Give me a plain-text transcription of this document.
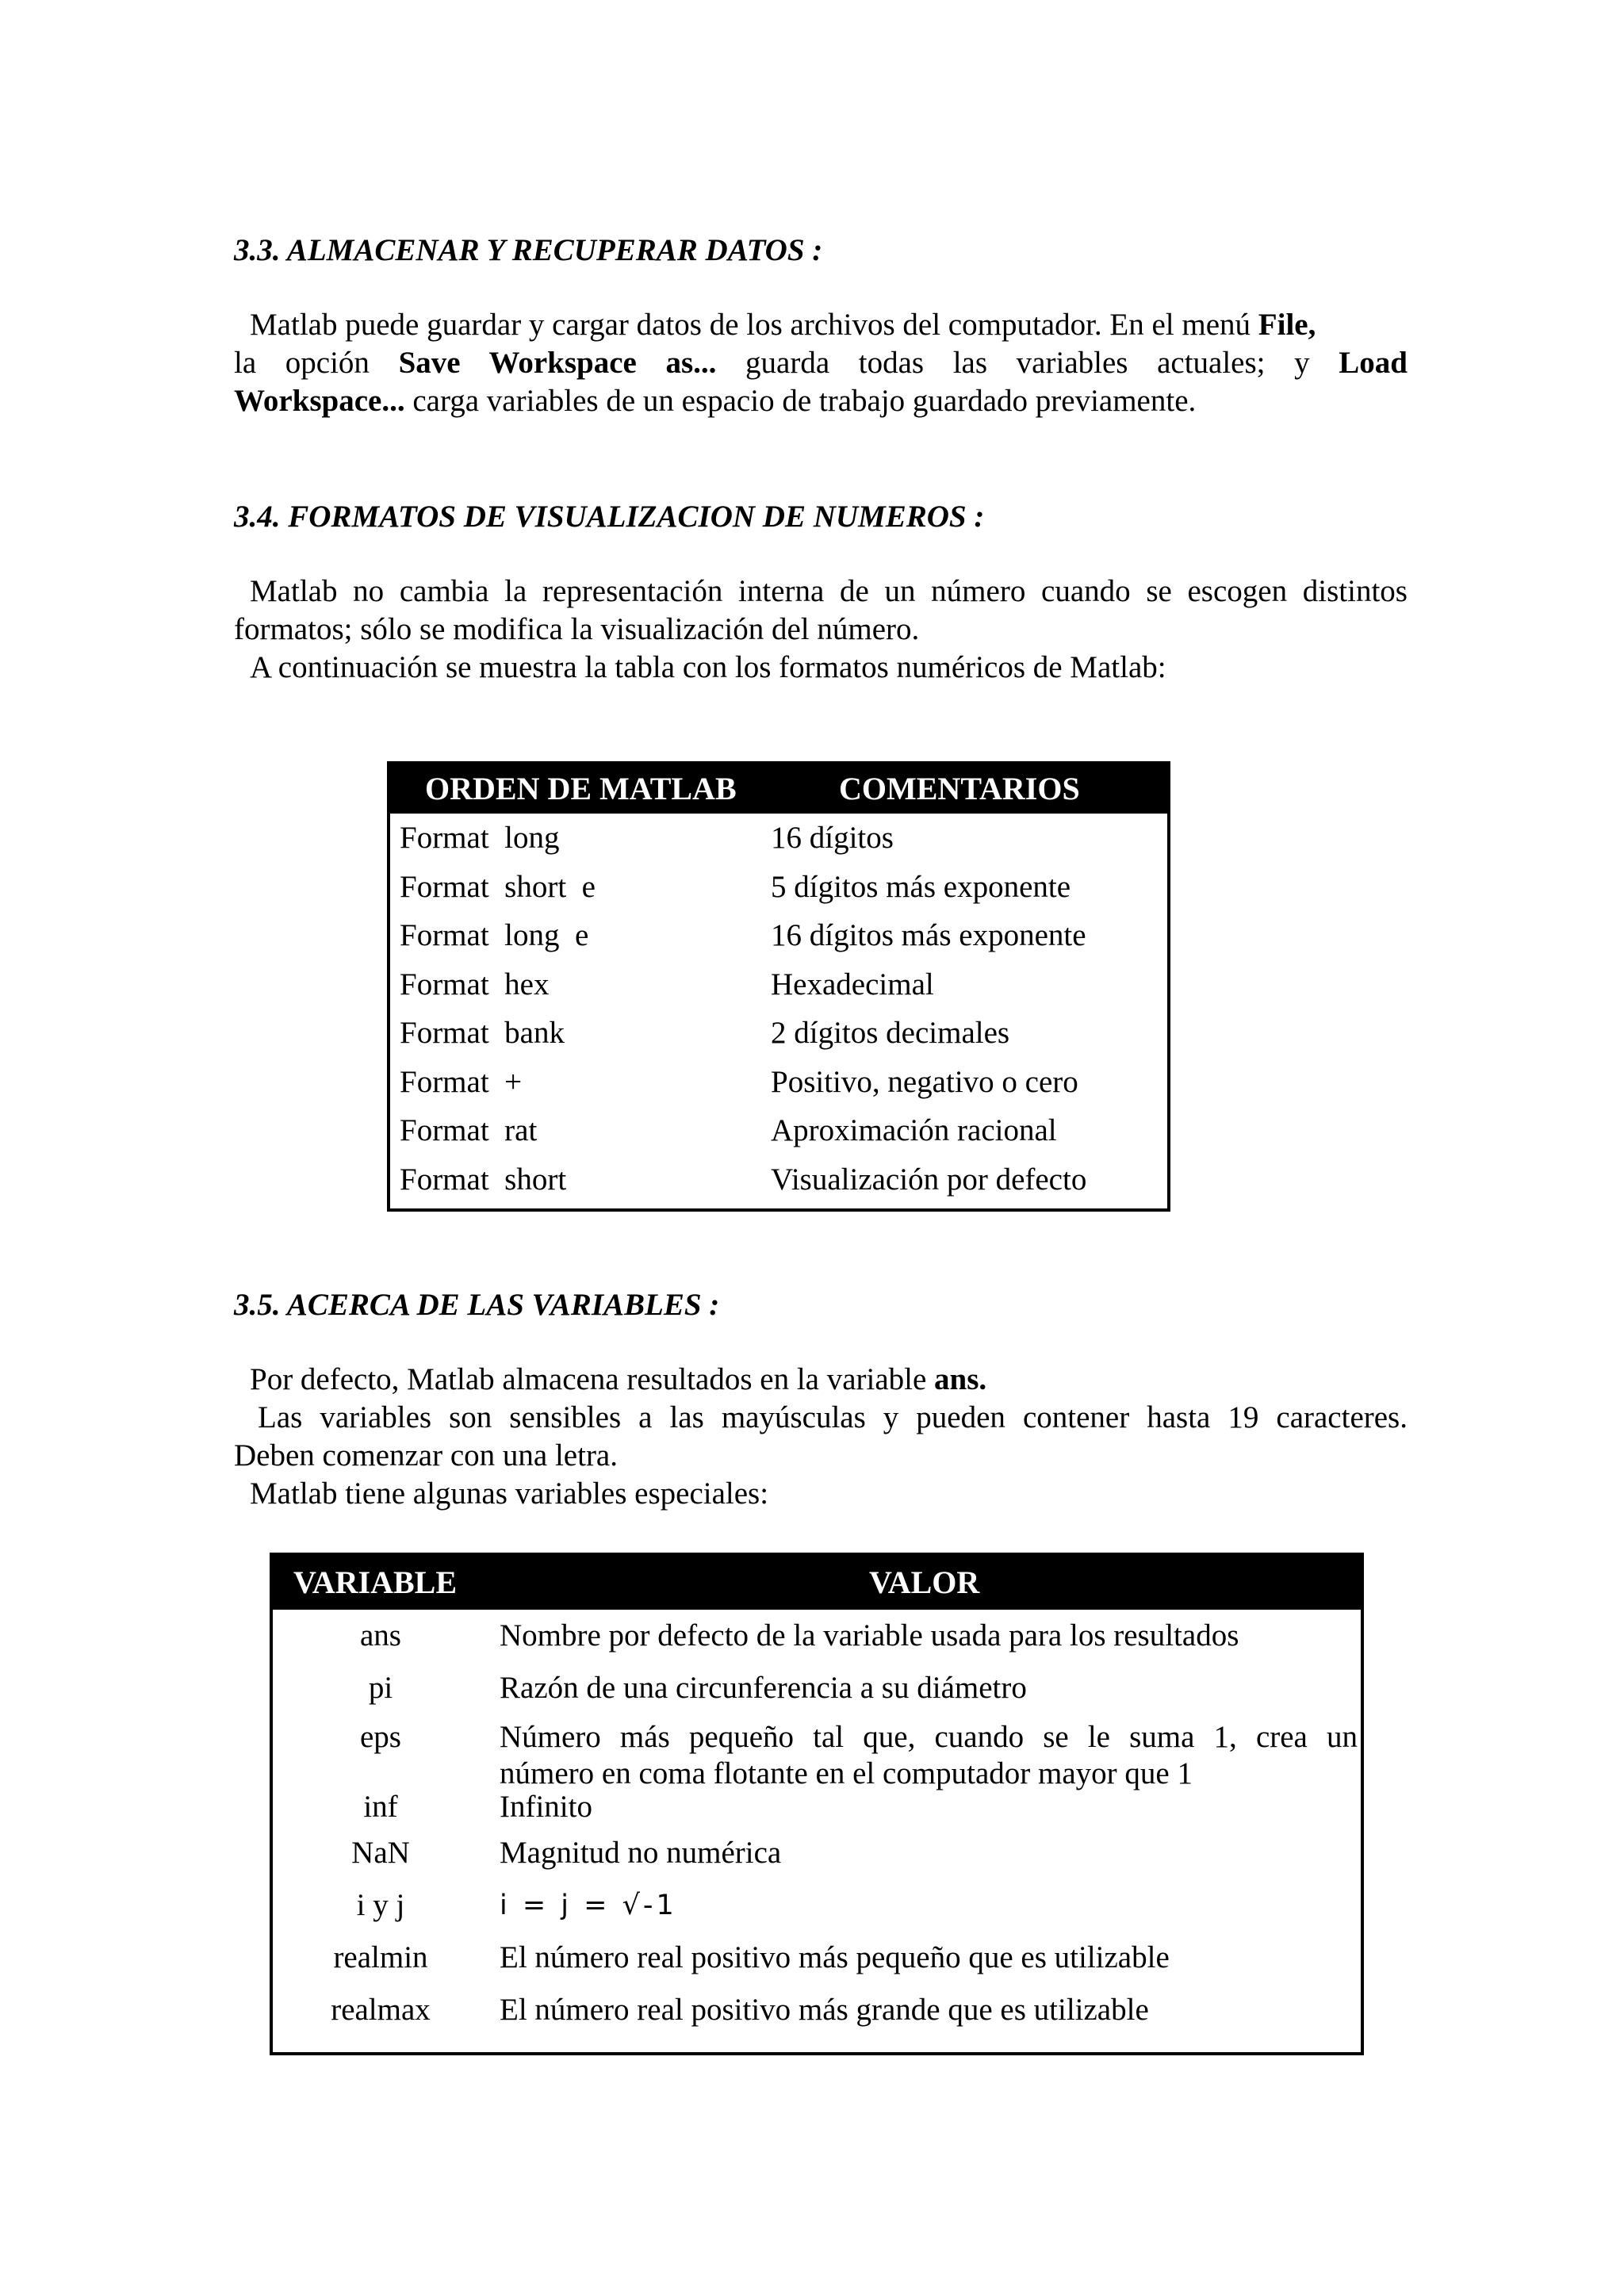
3.3. ALMACENAR Y RECUPERAR DATOS :
Matlab puede guardar y cargar datos de los archivos del computador. En el menú File,
la opción Save Workspace as... guarda todas las variables actuales; y Load
Workspace... carga variables de un espacio de trabajo guardado previamente.
3.4. FORMATOS DE VISUALIZACION DE NUMEROS :
Matlab no cambia la representación interna de un número cuando se escogen distintos
formatos; sólo se modifica la visualización del número.
A continuación se muestra la tabla con los formatos numéricos de Matlab:
ORDEN DE MATLAB	COMENTARIOS
Format  long	16 dígitos
Format  short  e	5 dígitos más exponente
Format  long  e	16 dígitos más exponente
Format  hex	Hexadecimal
Format  bank	2 dígitos decimales
Format  +	Positivo, negativo o cero
Format  rat	Aproximación racional
Format  short	Visualización por defecto
3.5. ACERCA DE LAS VARIABLES :
Por defecto, Matlab almacena resultados en la variable ans.
Las variables son sensibles a las mayúsculas y pueden contener hasta 19 caracteres.
Deben comenzar con una letra.
Matlab tiene algunas variables especiales:
VARIABLE	VALOR
ans	Nombre por defecto de la variable usada para los resultados
pi	Razón de una circunferencia a su diámetro
eps	Número más pequeño tal que, cuando se le suma 1, crea un
número en coma flotante en el computador mayor que 1
inf	Infinito
NaN	Magnitud no numérica
i y j	i = j = √-1
realmin	El número real positivo más pequeño que es utilizable
realmax	El número real positivo más grande que es utilizable
